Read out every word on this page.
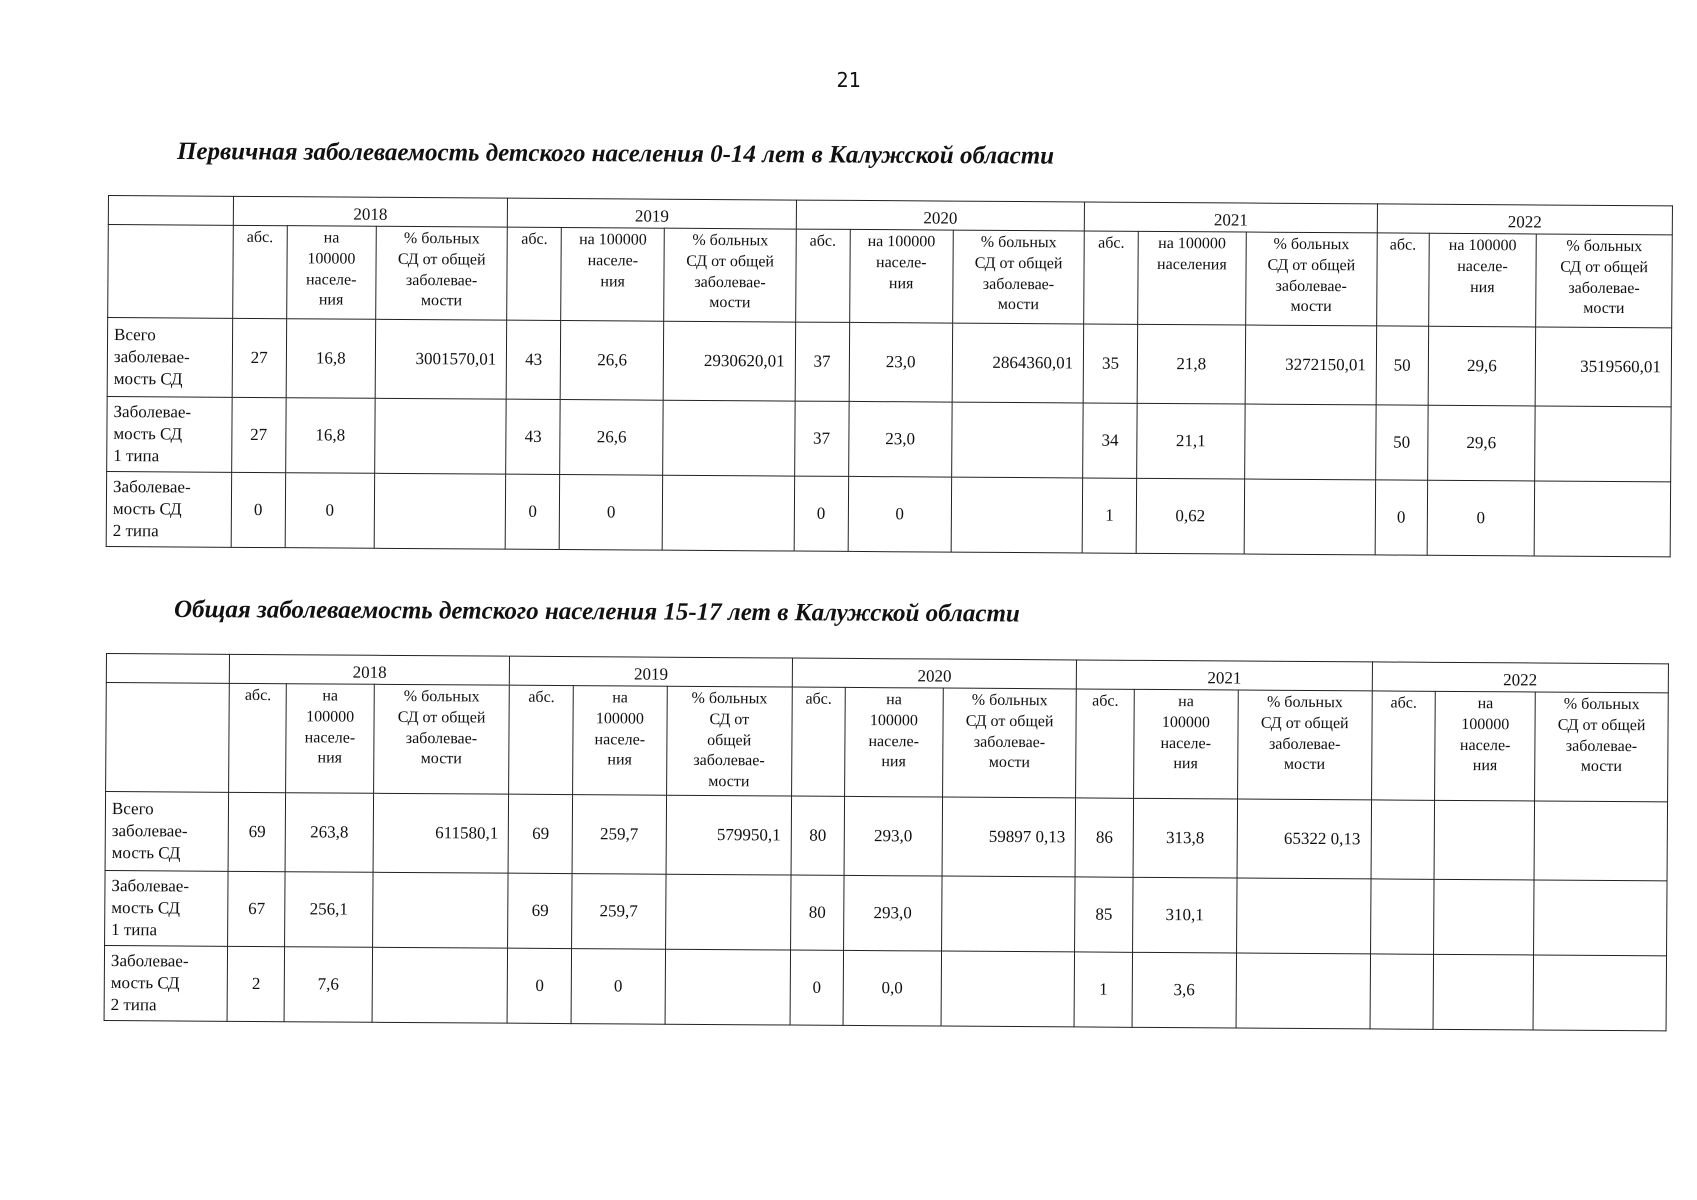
21
Первичная заболеваемость детского населения 0-14 лет в Калужской области
	2018			2019			2020			2021			2022		
	абс.	на
100000
населе-
ния	% больных
СД от общей
заболевае-
мости	абс.	на 100000
населе-
ния	% больных
СД от общей
заболевае-
мости	абс.	на 100000
населе-
ния	% больных
СД от общей
заболевае-
мости	абс.	на 100000
населения	% больных
СД от общей
заболевае-
мости	абс.	на 100000
населе-
ния	% больных
СД от общей
заболевае-
мости
Всего
заболевае-
мость СД	27	16,8	3001570,01	43	26,6	2930620,01	37	23,0	2864360,01	35	21,8	3272150,01	50	29,6	3519560,01
Заболевае-
мость СД
1 типа	27	16,8		43	26,6		37	23,0		34	21,1		50	29,6	
Заболевае-
мость СД
2 типа	0	0		0	0		0	0		1	0,62		0	0	
Общая заболеваемость детского населения 15-17 лет в Калужской области
	2018			2019			2020			2021			2022		
	абс.	на
100000
населе-
ния	% больных
СД от общей
заболевае-
мости	абс.	на
100000
населе-
ния	% больных
СД от
общей
заболевае-
мости	абс.	на
100000
населе-
ния	% больных
СД от общей
заболевае-
мости	абс.	на
100000
населе-
ния	% больных
СД от общей
заболевае-
мости	абс.	на
100000
населе-
ния	% больных
СД от общей
заболевае-
мости
Всего
заболевае-
мость СД	69	263,8	611580,1	69	259,7	579950,1	80	293,0	59897 0,13	86	313,8	65322 0,13			
Заболевае-
мость СД
1 типа	67	256,1		69	259,7		80	293,0		85	310,1				
Заболевае-
мость СД
2 типа	2	7,6		0	0		0	0,0		1	3,6				
